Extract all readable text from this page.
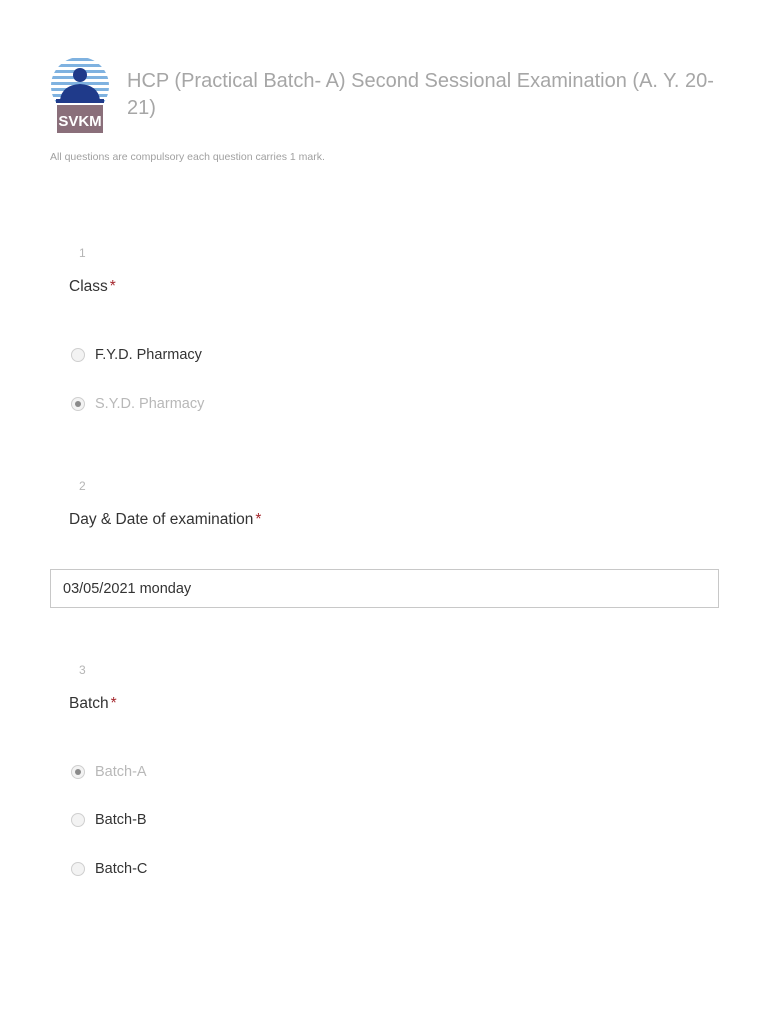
SVKM
HCP (Practical Batch- A) Second Sessional Examination (A. Y. 20-21)
All questions are compulsory each question carries 1 mark.
1
Class *
F.Y.D. Pharmacy
S.Y.D. Pharmacy
2
Day & Date of examination *
03/05/2021 monday
3
Batch *
Batch-A
Batch-B
Batch-C
